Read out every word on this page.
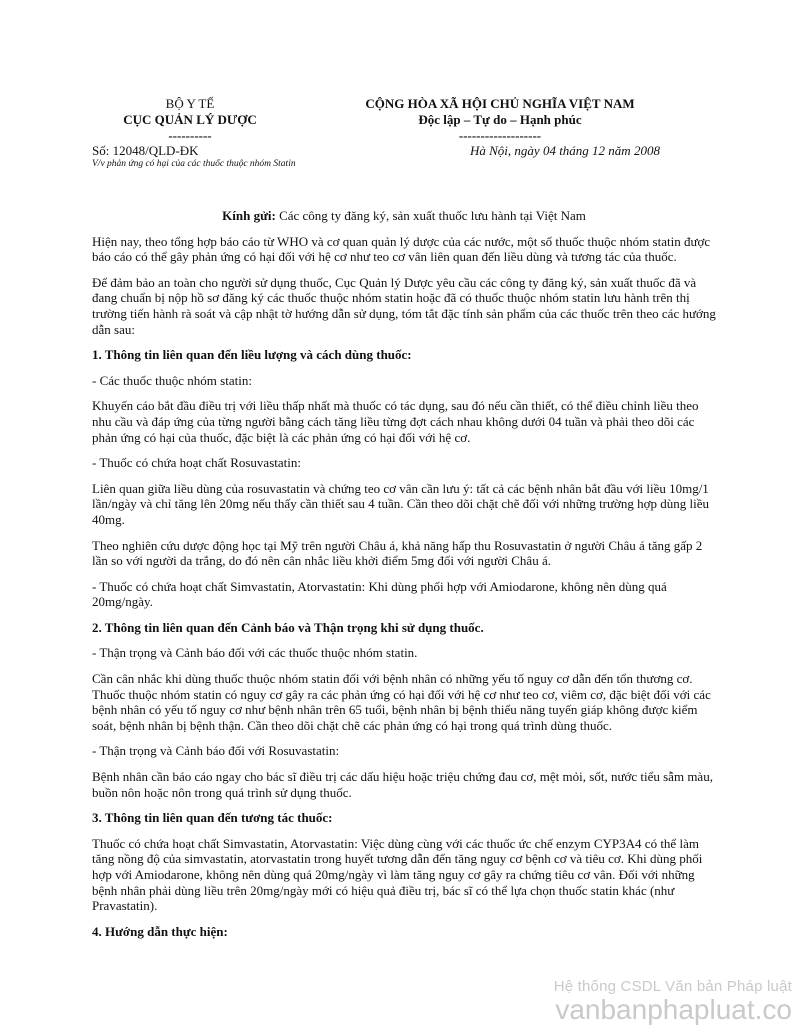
BỘ Y TẾ
CỤC QUẢN LÝ DƯỢC
----------
CỘNG HÒA XÃ HỘI CHỦ NGHĨA VIỆT NAM
Độc lập – Tự do – Hạnh phúc
-------------------
Số: 12048/QLD-ĐK
V/v phản ứng có hại của các thuốc thuộc nhóm Statin
Hà Nội, ngày 04 tháng 12 năm 2008

Kính gửi: Các công ty đăng ký, sản xuất thuốc lưu hành tại Việt Nam

Hiện nay, theo tổng hợp báo cáo từ WHO và cơ quan quản lý dược của các nước, một số thuốc thuộc nhóm statin được báo cáo có thể gây phản ứng có hại đối với hệ cơ như teo cơ vân liên quan đến liều dùng và tương tác của thuốc.

Để đảm bảo an toàn cho người sử dụng thuốc, Cục Quản lý Dược yêu cầu các công ty đăng ký, sản xuất thuốc đã và đang chuẩn bị nộp hồ sơ đăng ký các thuốc thuộc nhóm statin hoặc đã có thuốc thuộc nhóm statin lưu hành trên thị trường tiến hành rà soát và cập nhật tờ hướng dẫn sử dụng, tóm tắt đặc tính sản phẩm của các thuốc trên theo các hướng dẫn sau:

1. Thông tin liên quan đến liều lượng và cách dùng thuốc:

- Các thuốc thuộc nhóm statin:

Khuyến cáo bắt đầu điều trị với liều thấp nhất mà thuốc có tác dụng, sau đó nếu cần thiết, có thể điều chỉnh liều theo nhu cầu và đáp ứng của từng người bằng cách tăng liều từng đợt cách nhau không dưới 04 tuần và phải theo dõi các phản ứng có hại của thuốc, đặc biệt là các phản ứng có hại đối với hệ cơ.

- Thuốc có chứa hoạt chất Rosuvastatin:

Liên quan giữa liều dùng của rosuvastatin và chứng teo cơ vân cần lưu ý: tất cả các bệnh nhân bắt đầu với liều 10mg/1 lần/ngày và chỉ tăng lên 20mg nếu thấy cần thiết sau 4 tuần. Cần theo dõi chặt chẽ đối với những trường hợp dùng liều 40mg.

Theo nghiên cứu dược động học tại Mỹ trên người Châu á, khả năng hấp thu Rosuvastatin ở người Châu á tăng gấp 2 lần so với người da trắng, do đó nên cân nhắc liều khởi điểm 5mg đối với người Châu á.

- Thuốc có chứa hoạt chất Simvastatin, Atorvastatin: Khi dùng phối hợp với Amiodarone, không nên dùng quá 20mg/ngày.

2. Thông tin liên quan đến Cảnh báo và Thận trọng khi sử dụng thuốc.

- Thận trọng và Cảnh báo đối với các thuốc thuộc nhóm statin.

Cần cân nhắc khi dùng thuốc thuộc nhóm statin đối với bệnh nhân có những yếu tố nguy cơ dẫn đến tổn thương cơ. Thuốc thuộc nhóm statin có nguy cơ gây ra các phản ứng có hại đối với hệ cơ như teo cơ, viêm cơ, đặc biệt đối với các bệnh nhân có yếu tố nguy cơ như bệnh nhân trên 65 tuổi, bệnh nhân bị bệnh thiểu năng tuyến giáp không được kiểm soát, bệnh nhân bị bệnh thận. Cần theo dõi chặt chẽ các phản ứng có hại trong quá trình dùng thuốc.

- Thận trọng và Cảnh báo đối với Rosuvastatin:

Bệnh nhân cần báo cáo ngay cho bác sĩ điều trị các dấu hiệu hoặc triệu chứng đau cơ, mệt mỏi, sốt, nước tiểu sẫm màu, buồn nôn hoặc nôn trong quá trình sử dụng thuốc.

3. Thông tin liên quan đến tương tác thuốc:

Thuốc có chứa hoạt chất Simvastatin, Atorvastatin: Việc dùng cùng với các thuốc ức chế enzym CYP3A4 có thể làm tăng nồng độ của simvastatin, atorvastatin trong huyết tương dẫn đến tăng nguy cơ bệnh cơ và tiêu cơ. Khi dùng phối hợp với Amiodarone, không nên dùng quá 20mg/ngày vì làm tăng nguy cơ gây ra chứng tiêu cơ vân. Đối với những bệnh nhân phải dùng liều trên 20mg/ngày mới có hiệu quả điều trị, bác sĩ có thể lựa chọn thuốc statin khác (như Pravastatin).

4. Hướng dẫn thực hiện:

Hệ thống CSDL Văn bản Pháp luật
vanbanphapluat.co
